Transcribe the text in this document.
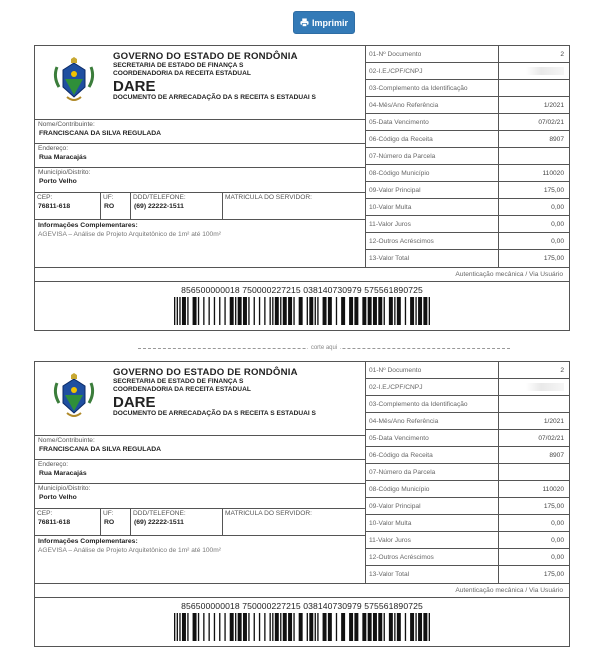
Imprimir
GOVERNO DO ESTADO DE RONDÔNIA
SECRETARIA DE ESTADO DE FINANÇA S
COORDENADORIA DA RECEITA ESTADUAL
DARE
DOCUMENTO DE ARRECADAÇÃO DA S RECEITA S ESTADUAI S
Nome/Contribuinte:
FRANCISCANA DA SILVA REGULADA
Endereço:
Rua Maracajás
Município/Distrito:
Porto Velho
CEP:
76811-618
UF:
RO
DDD/TELEFONE:
(69) 22222-1511
MATRICULA DO SERVIDOR:
Informações Complementares:
AGEVISA – Análise de Projeto Arquitetônico de 1m² até 100m²
01-Nº Documento	2
02-I.E./CPF/CNPJ
03-Complemento da Identificação
04-Mês/Ano Referência	1/2021
05-Data Vencimento	07/02/21
06-Código da Receita	8907
07-Número da Parcela
08-Código Município	110020
09-Valor Principal	175,00
10-Valor Multa	0,00
11-Valor Juros	0,00
12-Outros Acréscimos	0,00
13-Valor Total	175,00
Autenticação mecânica / Via Usuário
856500000018 750000227215 038140730979 575561890725
corte aqui
GOVERNO DO ESTADO DE RONDÔNIA
SECRETARIA DE ESTADO DE FINANÇA S
COORDENADORIA DA RECEITA ESTADUAL
DARE
DOCUMENTO DE ARRECADAÇÃO DA S RECEITA S ESTADUAI S
Nome/Contribuinte:
FRANCISCANA DA SILVA REGULADA
Endereço:
Rua Maracajás
Município/Distrito:
Porto Velho
CEP:
76811-618
UF:
RO
DDD/TELEFONE:
(69) 22222-1511
MATRICULA DO SERVIDOR:
Informações Complementares:
AGEVISA – Análise de Projeto Arquitetônico de 1m² até 100m²
01-Nº Documento	2
02-I.E./CPF/CNPJ
03-Complemento da Identificação
04-Mês/Ano Referência	1/2021
05-Data Vencimento	07/02/21
06-Código da Receita	8907
07-Número da Parcela
08-Código Município	110020
09-Valor Principal	175,00
10-Valor Multa	0,00
11-Valor Juros	0,00
12-Outros Acréscimos	0,00
13-Valor Total	175,00
Autenticação mecânica / Via Usuário
856500000018 750000227215 038140730979 575561890725
